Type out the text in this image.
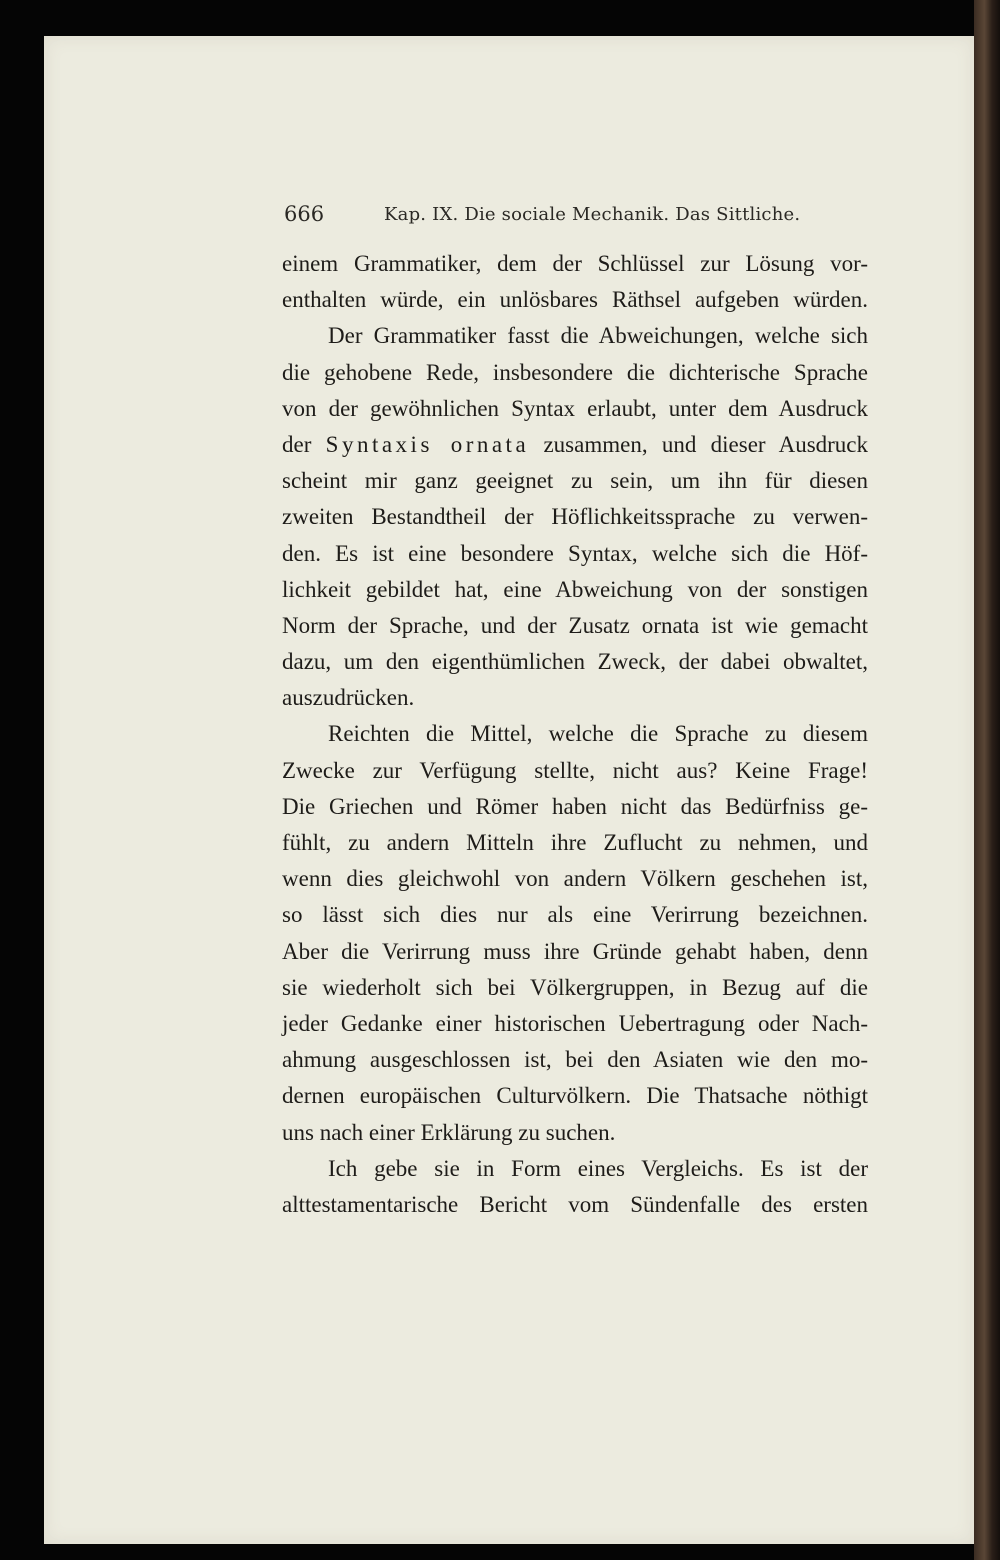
666	Kap. IX. Die sociale Mechanik. Das Sittliche.
einem Grammatiker, dem der Schlüssel zur Lösung vor-
enthalten würde, ein unlösbares Räthsel aufgeben würden.
Der Grammatiker fasst die Abweichungen, welche sich
die gehobene Rede, insbesondere die dichterische Sprache
von der gewöhnlichen Syntax erlaubt, unter dem Ausdruck
der Syntaxis ornata zusammen, und dieser Ausdruck
scheint mir ganz geeignet zu sein, um ihn für diesen
zweiten Bestandtheil der Höflichkeitssprache zu verwen-
den. Es ist eine besondere Syntax, welche sich die Höf-
lichkeit gebildet hat, eine Abweichung von der sonstigen
Norm der Sprache, und der Zusatz ornata ist wie gemacht
dazu, um den eigenthümlichen Zweck, der dabei obwaltet,
auszudrücken.
Reichten die Mittel, welche die Sprache zu diesem
Zwecke zur Verfügung stellte, nicht aus? Keine Frage!
Die Griechen und Römer haben nicht das Bedürfniss ge-
fühlt, zu andern Mitteln ihre Zuflucht zu nehmen, und
wenn dies gleichwohl von andern Völkern geschehen ist,
so lässt sich dies nur als eine Verirrung bezeichnen.
Aber die Verirrung muss ihre Gründe gehabt haben, denn
sie wiederholt sich bei Völkergruppen, in Bezug auf die
jeder Gedanke einer historischen Uebertragung oder Nach-
ahmung ausgeschlossen ist, bei den Asiaten wie den mo-
dernen europäischen Culturvölkern. Die Thatsache nöthigt
uns nach einer Erklärung zu suchen.
Ich gebe sie in Form eines Vergleichs. Es ist der
alttestamentarische Bericht vom Sündenfalle des ersten
